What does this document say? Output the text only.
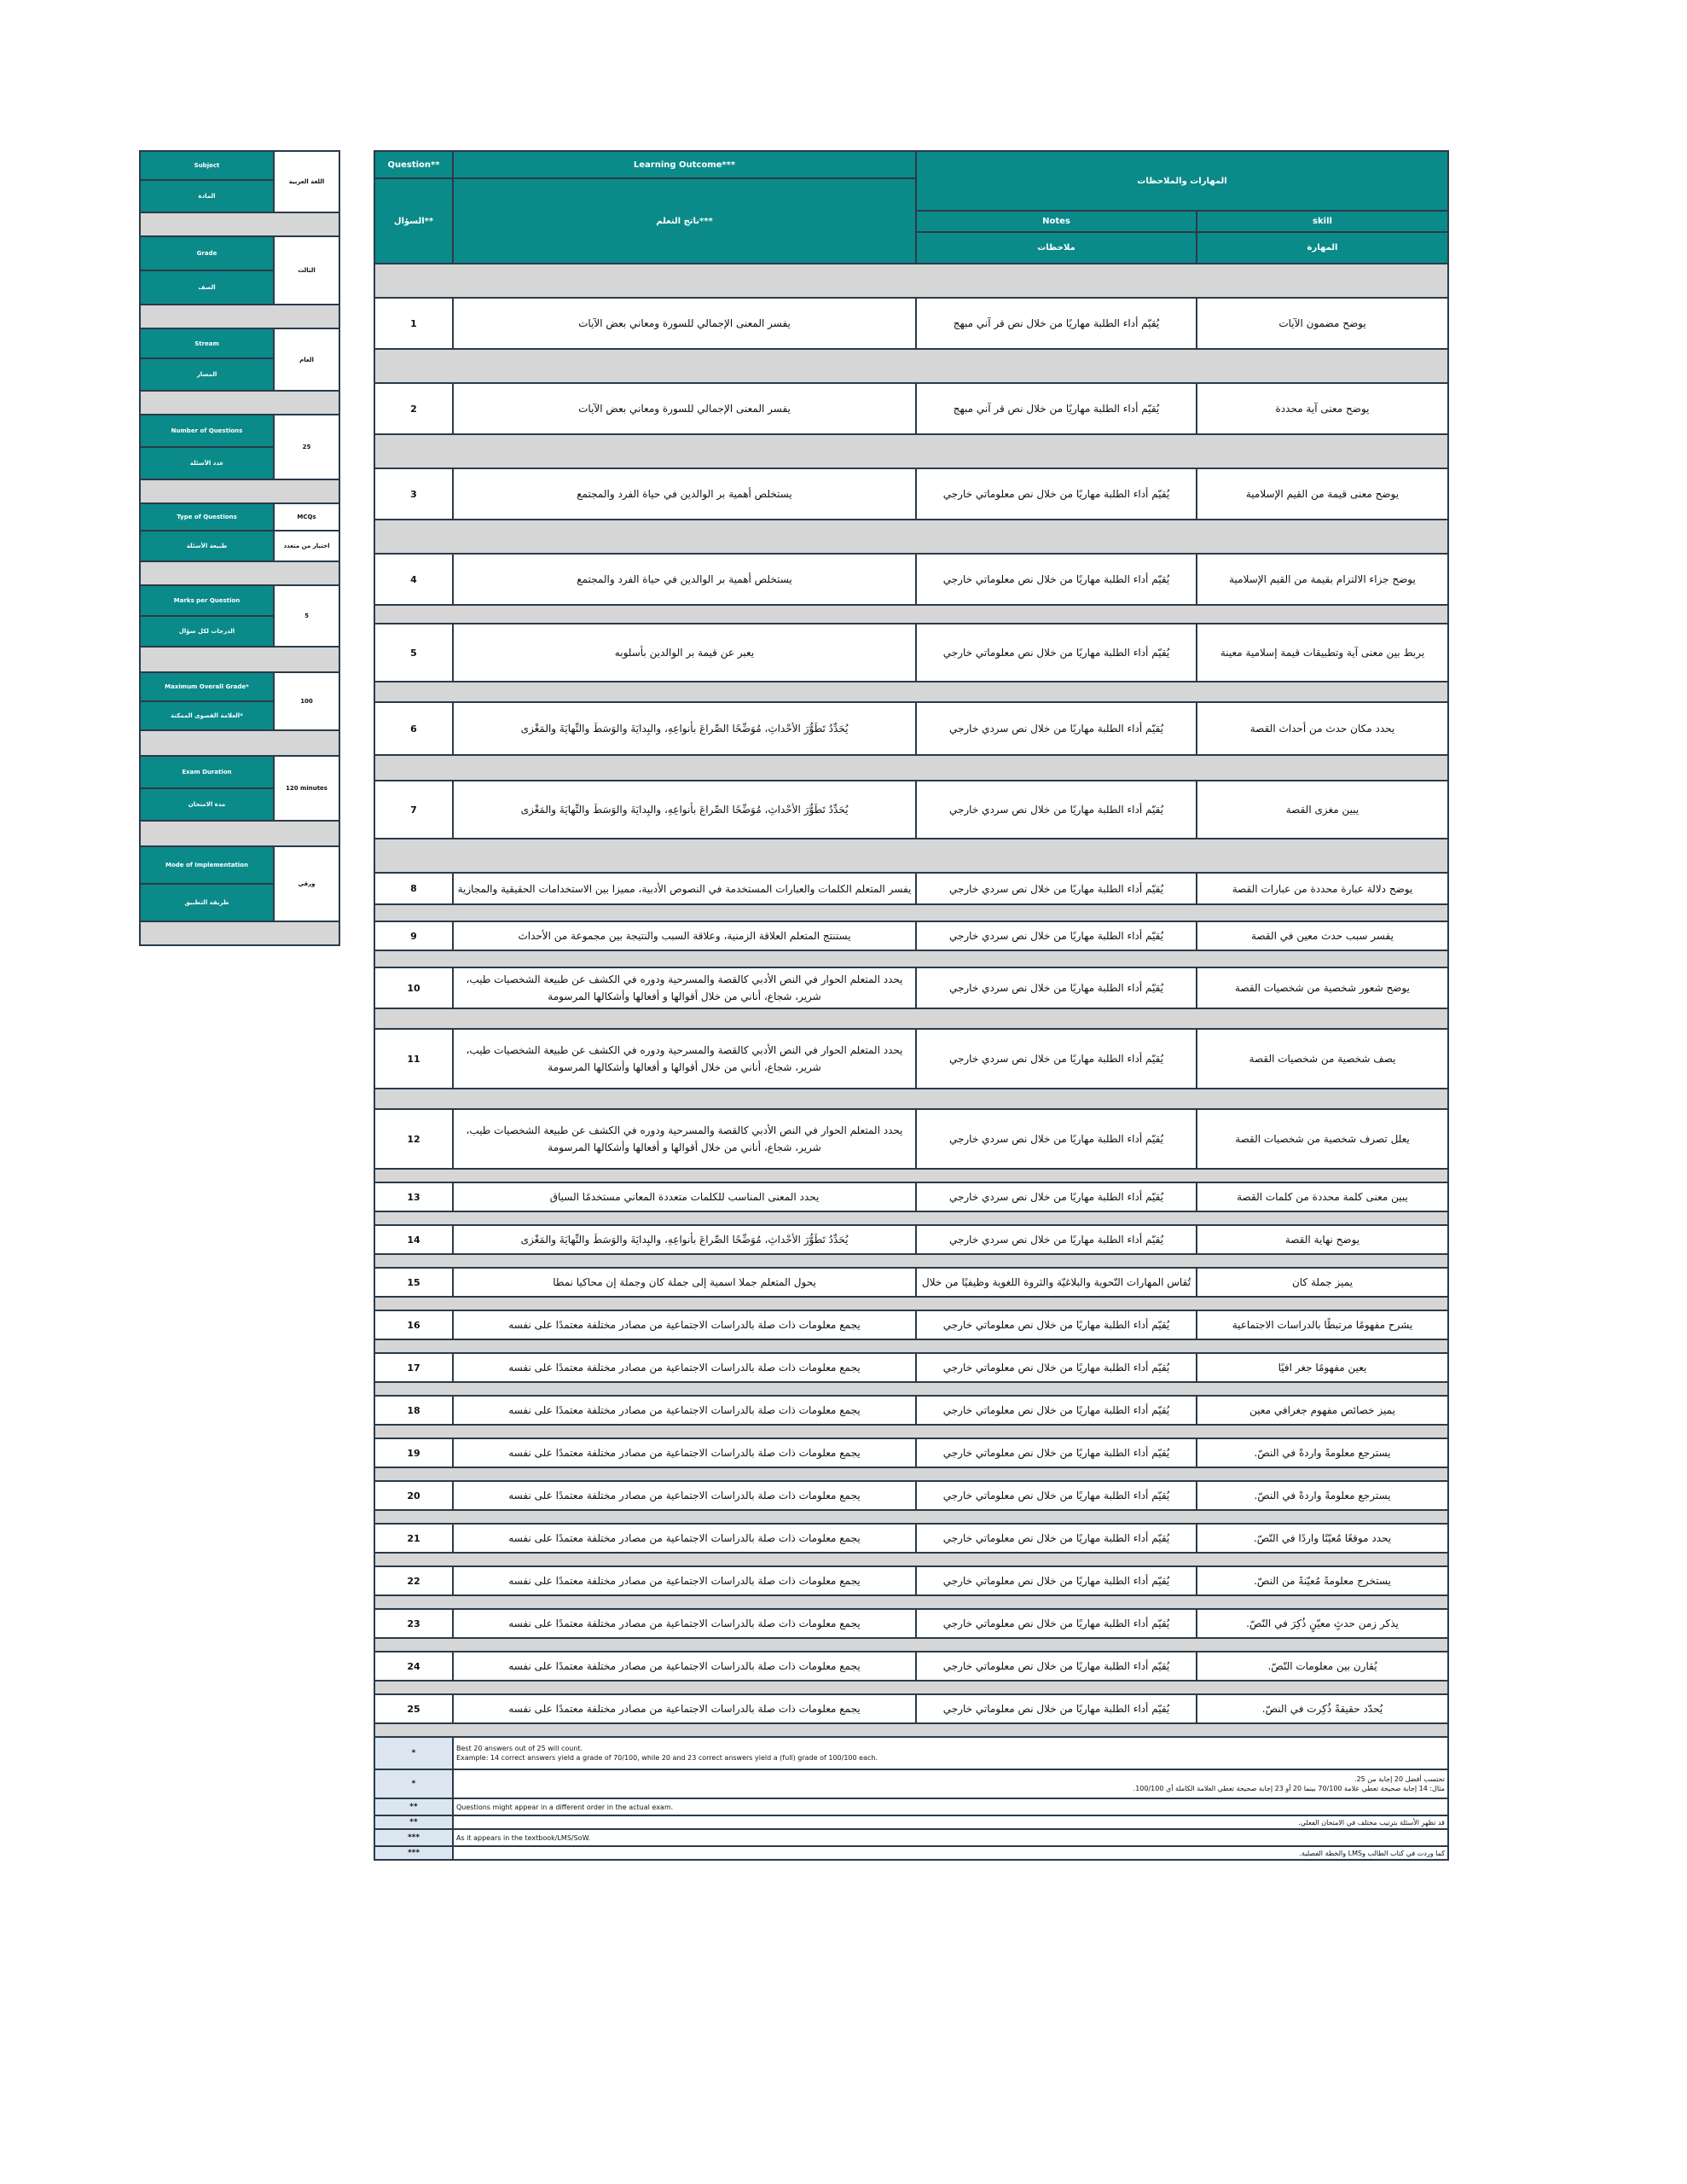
Subject	اللغة العربية
المادة	

Grade	الثالث
الصف	

Stream	العام
المسار	

Number of Questions	25
عدد الأسئلة	

Type of Questions	MCQs
طبيعة الأسئلة	اختيار من متعدد

Marks per Question	5
الدرجات لكل سؤال	

Maximum Overall Grade*	100
العلامة القصوى الممكنة*	

Exam Duration	120 minutes
مدة الامتحان	

Mode of Implementation	ورقي
طريقة التطبيق	

Question**	Learning Outcome***	المهارات والملاحظات	
السؤال**	ناتج التعلم***		
		Notes	skill
		ملاحظات	المهارة

1	يفسر المعنى الإجمالي للسورة ومعاني بعض الآيات	يُقيّم أداء الطلبة مهاريًا من خلال نص قر آني مبهج	يوضح مضمون الآيات

2	يفسر المعنى الإجمالي للسورة ومعاني بعض الآيات	يُقيّم أداء الطلبة مهاريًا من خلال نص قر آني مبهج	يوضح معنى آية محددة

3	يستخلص أهمية بر الوالدين في حياة الفرد والمجتمع	يُقيّم أداء الطلبة مهاريًا من خلال نص معلوماتي خارجي	يوضح معنى قيمة من القيم الإسلامية

4	يستخلص أهمية بر الوالدين في حياة الفرد والمجتمع	يُقيّم أداء الطلبة مهاريًا من خلال نص معلوماتي خارجي	يوضح جزاء الالتزام بقيمة من القيم الإسلامية

5	يعبر عن قيمة بر الوالدين بأسلوبه	يُقيّم أداء الطلبة مهاريًا من خلال نص معلوماتي خارجي	يربط بين معنى آية وتطبيقات قيمة إسلامية معينة

6	يُحَدِّدُ تَطَوُّرَ الأحْداثِ، مُوَضِّحًا الصِّراعَ بأنواعِهِ، والبِدايَةَ والوَسَطَ والنِّهايَةَ والمَغْزى	يُقيّم أداء الطلبة مهاريًا من خلال نص سردي خارجي	يحدد مكان حدث من أحداث القصة

7	يُحَدِّدُ تَطَوُّرَ الأحْداثِ، مُوَضِّحًا الصِّراعَ بأنواعِهِ، والبِدايَةَ والوَسَطَ والنِّهايَةَ والمَغْزى	يُقيّم أداء الطلبة مهاريًا من خلال نص سردي خارجي	يبين مغزى القصة

8	يفسر المتعلم الكلمات والعبارات المستخدمة في النصوص الأدبية، مميزا بين الاستخدامات الحقيقية والمجازية	يُقيّم أداء الطلبة مهاريًا من خلال نص سردي خارجي	يوضح دلالة عبارة محددة من عبارات القصة

9	يستنتج المتعلم العلاقة الزمنية، وعلاقة السبب والنتيجة بين مجموعة من الأحداث	يُقيّم أداء الطلبة مهاريًا من خلال نص سردي خارجي	يفسر سبب حدث معين في القصة

10	يحدد المتعلم الحوار في النص الأدبي كالقصة والمسرحية ودوره في الكشف عن طبيعة الشخصيات طيب، شرير، شجاع، أناني من خلال أقوالها و أفعالها وأشكالها المرسومة	يُقيّم أداء الطلبة مهاريًا من خلال نص سردي خارجي	يوضح شعور شخصية من شخصيات القصة

11	يحدد المتعلم الحوار في النص الأدبي كالقصة والمسرحية ودوره في الكشف عن طبيعة الشخصيات طيب، شرير، شجاع، أناني من خلال أقوالها و أفعالها وأشكالها المرسومة	يُقيّم أداء الطلبة مهاريًا من خلال نص سردي خارجي	يصف شخصية من شخصيات القصة

12	يحدد المتعلم الحوار في النص الأدبي كالقصة والمسرحية ودوره في الكشف عن طبيعة الشخصيات طيب، شرير، شجاع، أناني من خلال أقوالها و أفعالها وأشكالها المرسومة	يُقيّم أداء الطلبة مهاريًا من خلال نص سردي خارجي	يعلل تصرف شخصية من شخصيات القصة

13	يحدد المعنى المناسب للكلمات متعددة المعاني مستخدمًا السياق	يُقيّم أداء الطلبة مهاريًا من خلال نص سردي خارجي	يبين معنى كلمة محددة من كلمات القصة

14	يُحَدِّدُ تَطَوُّرَ الأحْداثِ، مُوَضِّحًا الصِّراعَ بأنواعِهِ، والبِدايَةَ والوَسَطَ والنِّهايَةَ والمَغْزى	يُقيّم أداء الطلبة مهاريًا من خلال نص سردي خارجي	يوضح نهاية القصة

15	يحول المتعلم جملا اسمية إلى جملة كان وجملة إن محاكيا نمطا	تُقاس المهارات النّحوية والبلاغيّة والثروة اللغوية وظيفيًا من خلال	يميز جملة كان

16	يجمع معلومات ذات صلة بالدراسات الاجتماعية من مصادر مختلفة معتمدًا على نفسه	يُقيّم أداء الطلبة مهاريًا من خلال نص معلوماتي خارجي	يشرح مفهومًا مرتبطًا بالدراسات الاجتماعية

17	يجمع معلومات ذات صلة بالدراسات الاجتماعية من مصادر مختلفة معتمدًا على نفسه	يُقيّم أداء الطلبة مهاريًا من خلال نص معلوماتي خارجي	يعين مفهومًا جغر افيًا

18	يجمع معلومات ذات صلة بالدراسات الاجتماعية من مصادر مختلفة معتمدًا على نفسه	يُقيّم أداء الطلبة مهاريًا من خلال نص معلوماتي خارجي	يميز خصائص مفهوم جغرافي معين

19	يجمع معلومات ذات صلة بالدراسات الاجتماعية من مصادر مختلفة معتمدًا على نفسه	يُقيّم أداء الطلبة مهاريًا من خلال نص معلوماتي خارجي	يسترجع معلومةً واردةً في النصّ.

20	يجمع معلومات ذات صلة بالدراسات الاجتماعية من مصادر مختلفة معتمدًا على نفسه	يُقيّم أداء الطلبة مهاريًا من خلال نص معلوماتي خارجي	يسترجع معلومةً واردةً في النصّ.

21	يجمع معلومات ذات صلة بالدراسات الاجتماعية من مصادر مختلفة معتمدًا على نفسه	يُقيّم أداء الطلبة مهاريًا من خلال نص معلوماتي خارجي	يحدد موقعًا مُعيّنًا واردًا في النّصّ.

22	يجمع معلومات ذات صلة بالدراسات الاجتماعية من مصادر مختلفة معتمدًا على نفسه	يُقيّم أداء الطلبة مهاريًا من خلال نص معلوماتي خارجي	يستخرج معلومةً مُعيّنةً من النصّ.

23	يجمع معلومات ذات صلة بالدراسات الاجتماعية من مصادر مختلفة معتمدًا على نفسه	يُقيّم أداء الطلبة مهاريًا من خلال نص معلوماتي خارجي	يذكر زمن حدثٍ معيّنٍ ذُكِرَ في النّصّ.

24	يجمع معلومات ذات صلة بالدراسات الاجتماعية من مصادر مختلفة معتمدًا على نفسه	يُقيّم أداء الطلبة مهاريًا من خلال نص معلوماتي خارجي	يُقارن بين معلومات النّصّ.

25	يجمع معلومات ذات صلة بالدراسات الاجتماعية من مصادر مختلفة معتمدًا على نفسه	يُقيّم أداء الطلبة مهاريًا من خلال نص معلوماتي خارجي	يُحدّد حقيقةً ذُكِرت في النصّ.

*	Best 20 answers out of 25 will count.
Example: 14 correct answers yield a grade of 70/100, while 20 and 23 correct answers yield a (full) grade of 100/100 each.		
*	تحتسب أفضل 20 إجابة من 25.
مثال: 14 إجابة صحيحة تعطي علامة 70/100 بينما 20 أو 23 إجابة صحيحة تعطي العلامة الكاملة أي 100/100.		
**	Questions might appear in a different order in the actual exam.		
**	قد تظهر الأسئلة بترتيب مختلف في الامتحان الفعلي.		
***	As it appears in the textbook/LMS/SoW.		
***	كما وردت في كتاب الطالب وLMS والخطة الفصلية.		
